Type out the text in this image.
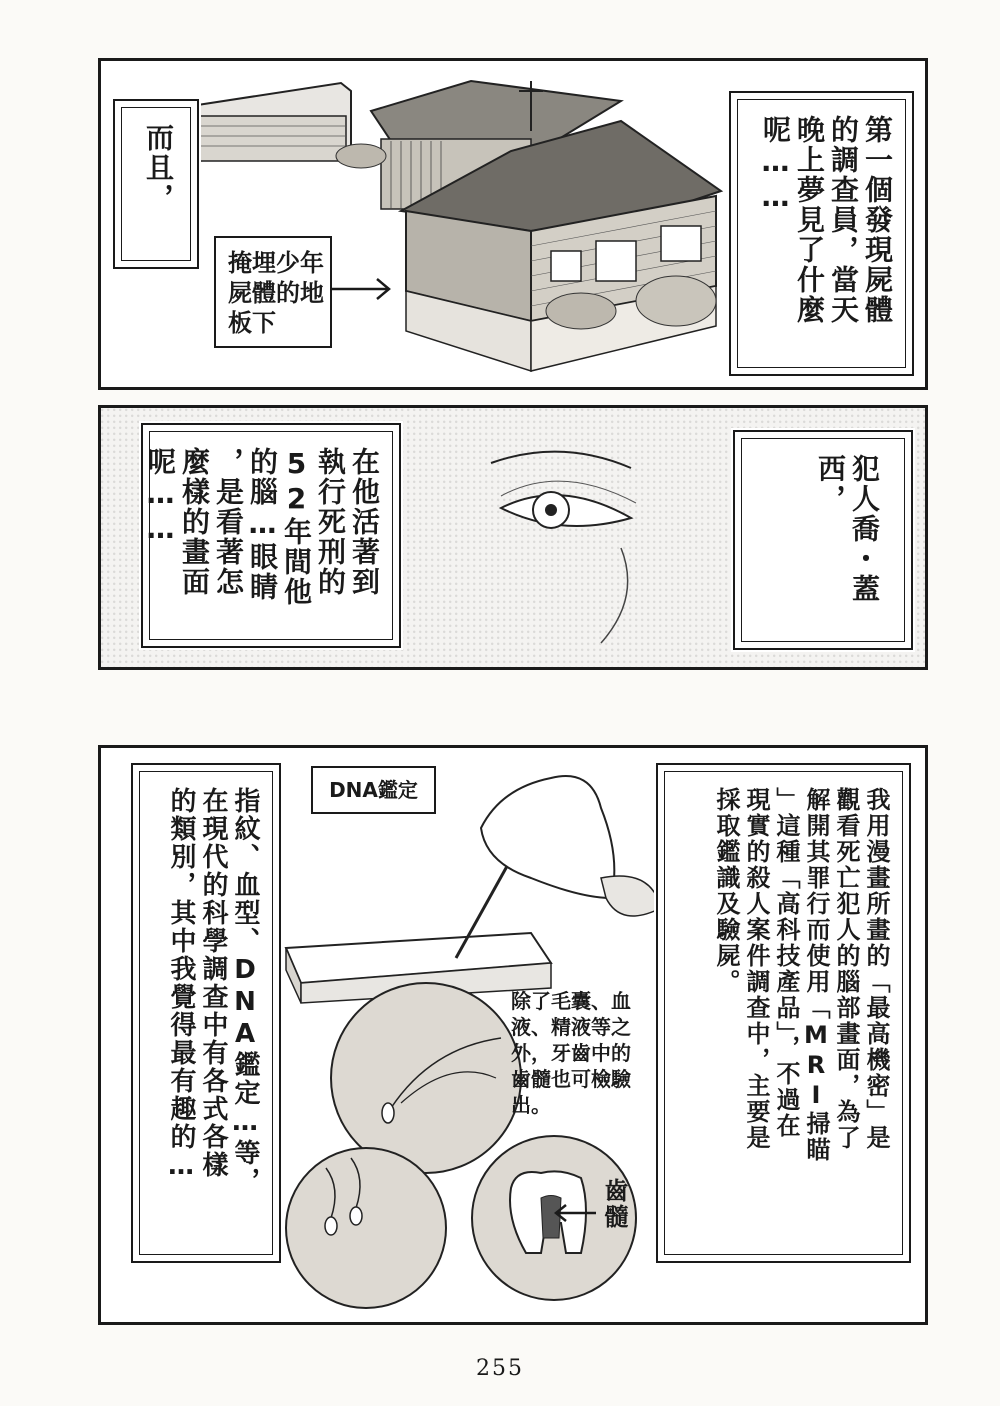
而且，
掩埋少年
屍體的地
板下	第一個發現屍體
的調查員，當天
晚上夢見了什麼
呢……
在他活著到
執行死刑的
52年間他
的腦…眼睛
，是看著怎
麼樣的畫面
呢……	犯人喬・蓋
西，
指紋、血型、DNA鑑定…等，
在現代的科學調查中有各式各樣
的類別，其中我覺得最有趣的…	DNA鑑定
除了毛囊、血
液、精液等之
外，牙齒中的
齒髓也可檢驗
出。
齒髓
我用漫畫所畫的「最高機密」是
觀看死亡犯人的腦部畫面，為了
解開其罪行而使用「MRI掃瞄
」這種「高科技產品」，不過在
現實的殺人案件調查中，主要是
採取鑑識及驗屍。
255
